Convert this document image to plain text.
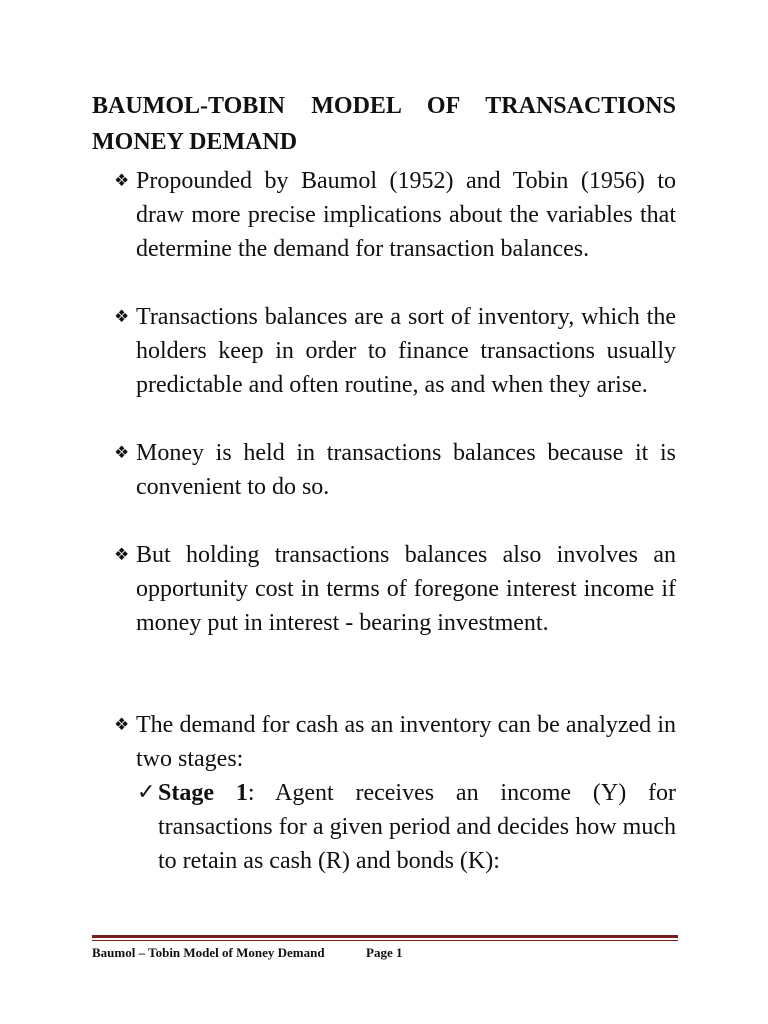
BAUMOL-TOBIN MODEL OF TRANSACTIONS
MONEY DEMAND

❖ Propounded by Baumol (1952) and Tobin (1956) to draw more precise implications about the variables that determine the demand for transaction balances.

❖ Transactions balances are a sort of inventory, which the holders keep in order to finance transactions usually predictable and often routine, as and when they arise.

❖ Money is held in transactions balances because it is convenient to do so.

❖ But holding transactions balances also involves an opportunity cost in terms of foregone interest income if money put in interest - bearing investment.

❖ The demand for cash as an inventory can be analyzed in two stages:

✓ Stage 1: Agent receives an income (Y) for transactions for a given period and decides how much to retain as cash (R) and bonds (K):

Baumol – Tobin Model of Money Demand	Page 1
